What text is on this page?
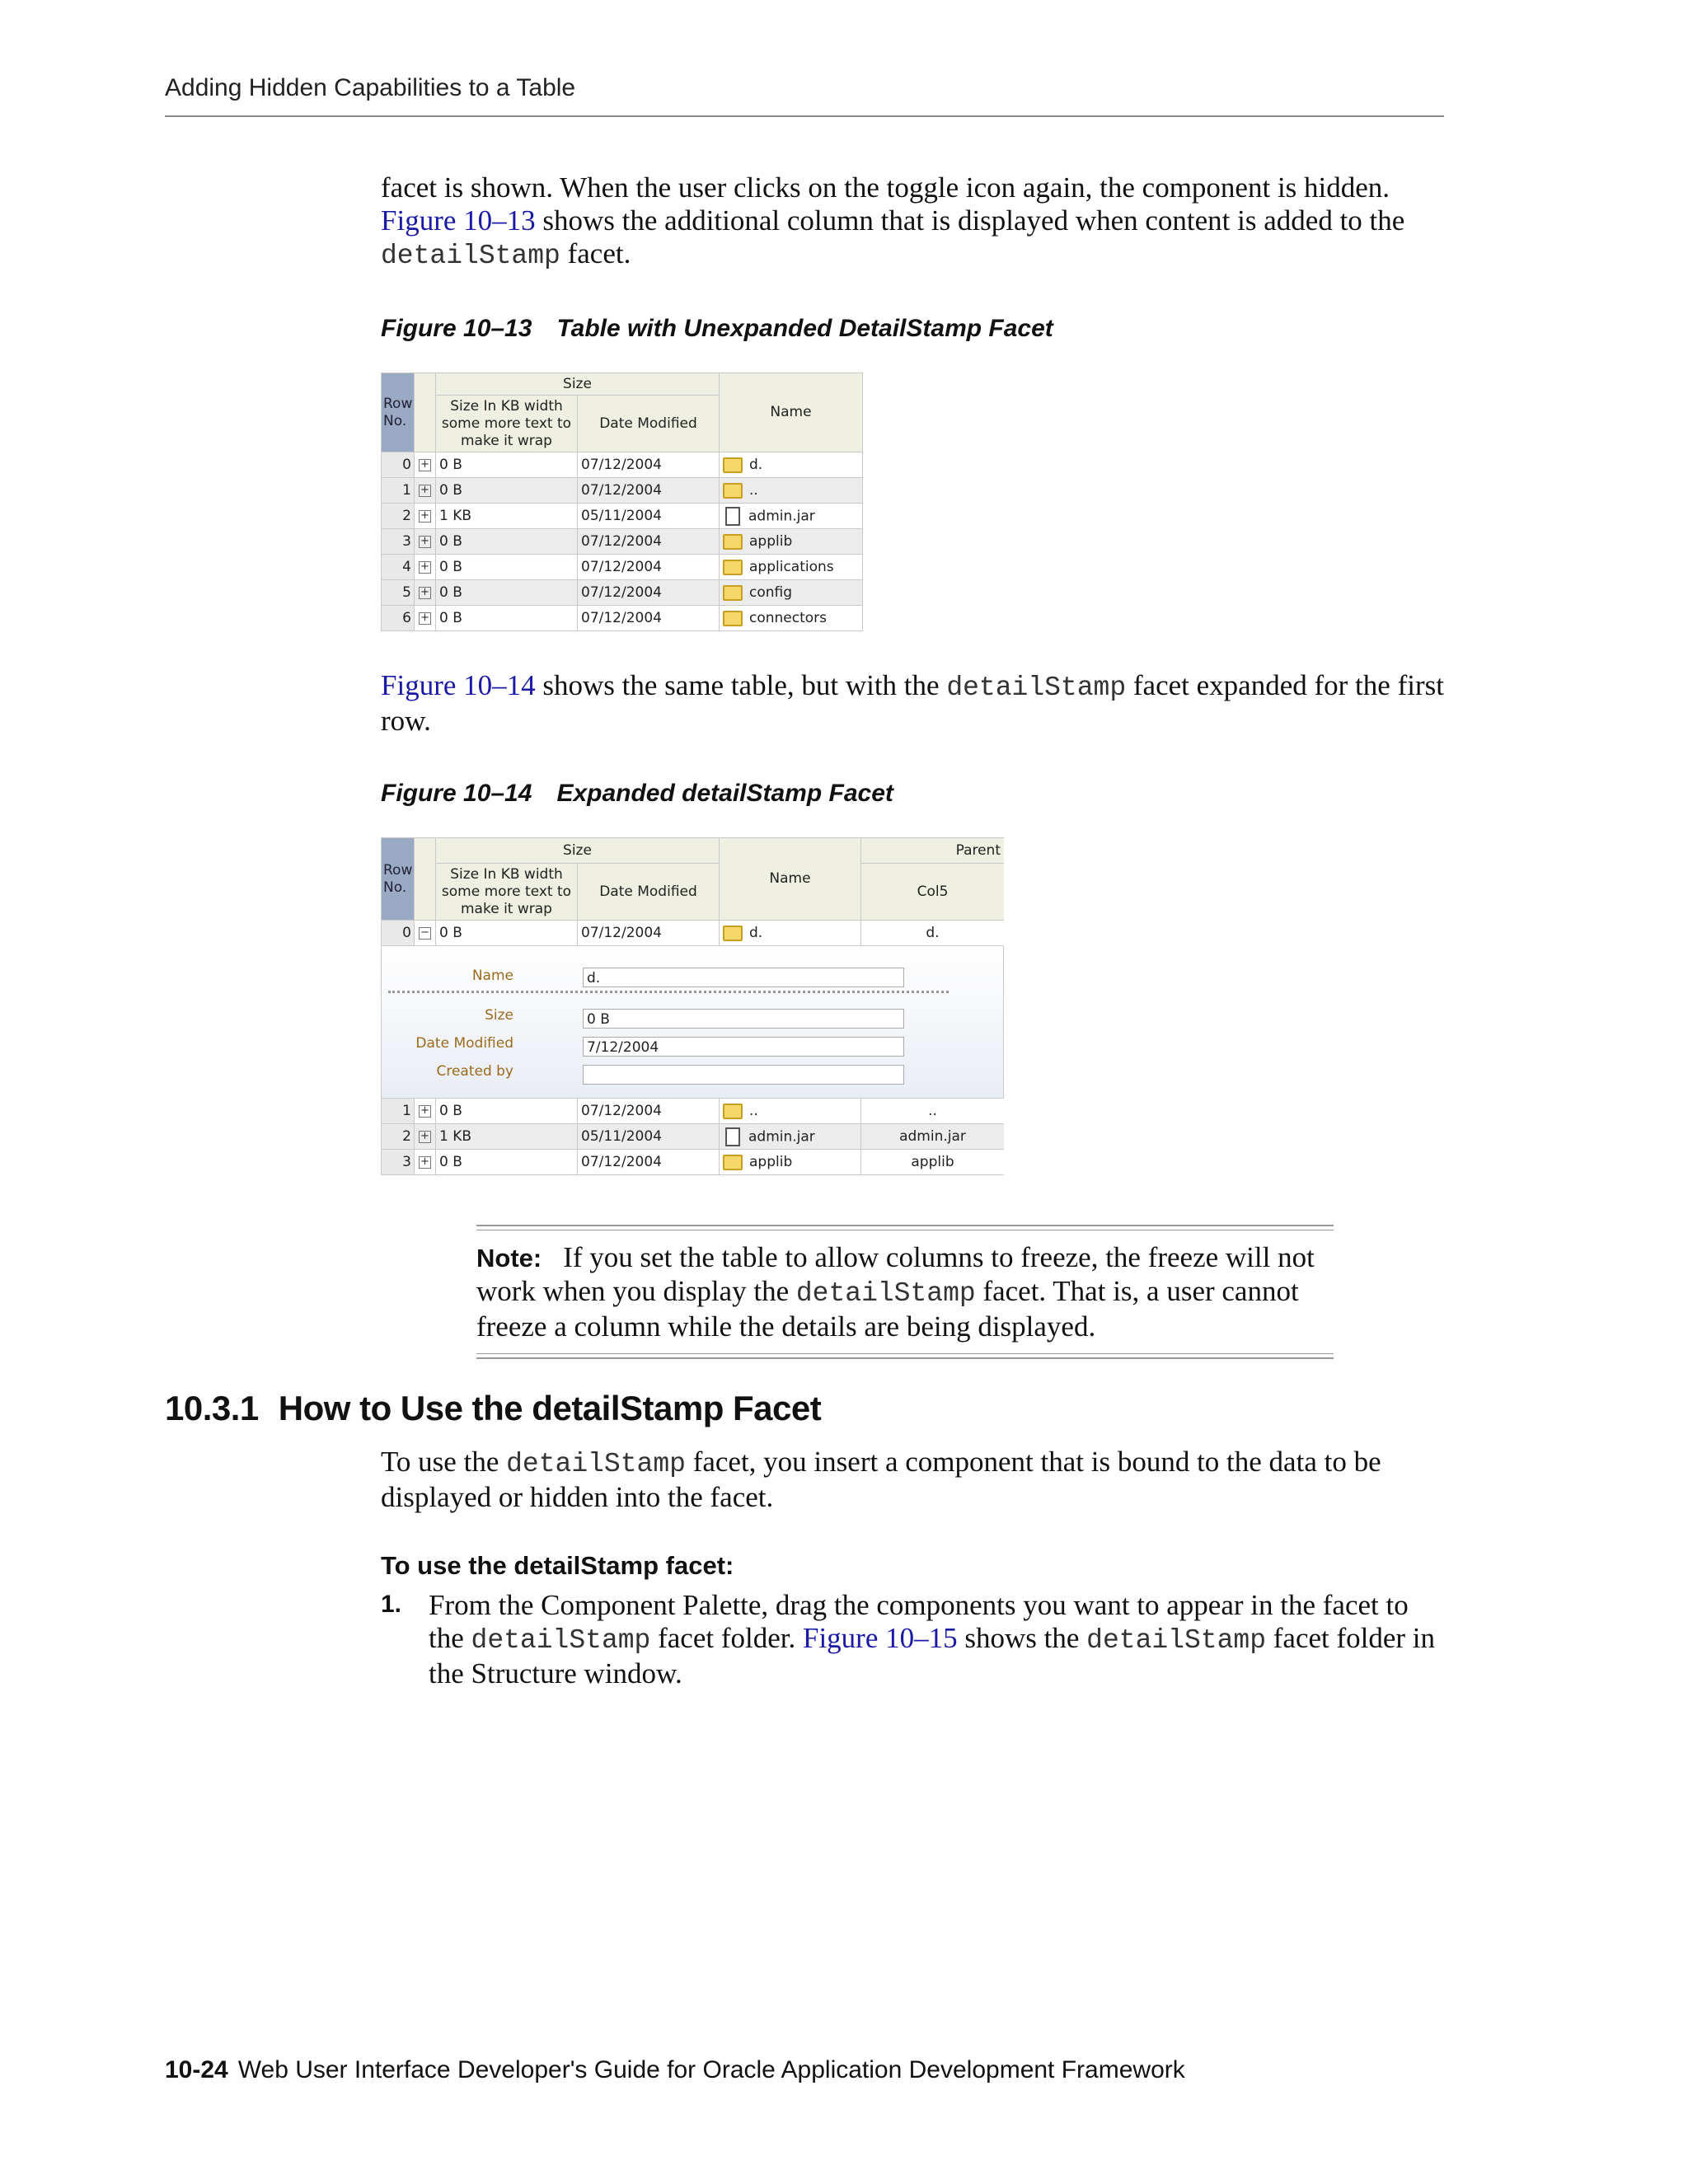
Adding Hidden Capabilities to a Table
facet is shown. When the user clicks on the toggle icon again, the component is hidden. Figure 10–13 shows the additional column that is displayed when content is added to the detailStamp facet.
Figure 10–13 Table with Unexpanded DetailStamp Facet
Row No.		Size		Name
		Size In KB width some more text to make it wrap	Date Modified	
0	+	0 B	07/12/2004	d.
1	+	0 B	07/12/2004	..
2	+	1 KB	05/11/2004	admin.jar
3	+	0 B	07/12/2004	applib
4	+	0 B	07/12/2004	applications
5	+	0 B	07/12/2004	config
6	+	0 B	07/12/2004	connectors
Figure 10–14 shows the same table, but with the detailStamp facet expanded for the first row.
Figure 10–14 Expanded detailStamp Facet
Row No.		Size		Name	Parent
		Size In KB width some more text to make it wrap	Date Modified		Col5
0	−	0 B	07/12/2004	d.	d.
Name	d.
Size	0 B
Date Modified	7/12/2004
Created by
1	+	0 B	07/12/2004	..	..
2	+	1 KB	05/11/2004	admin.jar	admin.jar
3	+	0 B	07/12/2004	applib	applib
Note: If you set the table to allow columns to freeze, the freeze will not work when you display the detailStamp facet. That is, a user cannot freeze a column while the details are being displayed.
10.3.1 How to Use the detailStamp Facet
To use the detailStamp facet, you insert a component that is bound to the data to be displayed or hidden into the facet.
To use the detailStamp facet:
1. From the Component Palette, drag the components you want to appear in the facet to the detailStamp facet folder. Figure 10–15 shows the detailStamp facet folder in the Structure window.
10-24 Web User Interface Developer's Guide for Oracle Application Development Framework
